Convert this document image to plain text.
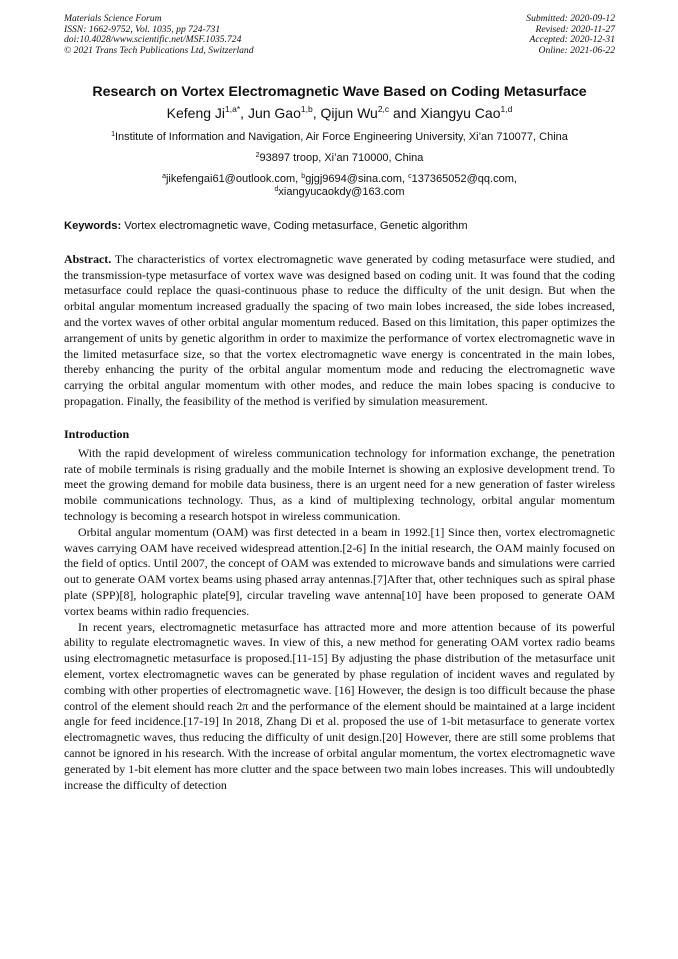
Materials Science Forum
ISSN: 1662-9752, Vol. 1035, pp 724-731
doi:10.4028/www.scientific.net/MSF.1035.724
© 2021 Trans Tech Publications Ltd, Switzerland
Submitted: 2020-09-12
Revised: 2020-11-27
Accepted: 2020-12-31
Online: 2021-06-22
Research on Vortex Electromagnetic Wave Based on Coding Metasurface
Kefeng $Ji^{1,a*}$, Jun Gao$^{1,b}$, Qijun Wu$^{2,c}$ and Xiangyu Cao$^{1,d}$
$^1$Institute of Information and Navigation, Air Force Engineering University, Xi’an 710077, China
$^2$93897 troop, Xi’an 710000, China
$^a$jikefengai61@outlook.com, $^b$gjgj9694@sina.com, $^c$137365052@qq.com,
$^d$xiangyucaokdy@163.com
Keywords: Vortex electromagnetic wave, Coding metasurface, Genetic algorithm
Abstract. The characteristics of vortex electromagnetic wave generated by coding metasurface were studied, and the transmission-type metasurface of vortex wave was designed based on coding unit. It was found that the coding metasurface could replace the quasi-continuous phase to reduce the difficulty of the unit design. But when the orbital angular momentum increased gradually the spacing of two main lobes increased, the side lobes increased, and the vortex waves of other orbital angular momentum reduced. Based on this limitation, this paper optimizes the arrangement of units by genetic algorithm in order to maximize the performance of vortex electromagnetic wave in the limited metasurface size, so that the vortex electromagnetic wave energy is concentrated in the main lobes, thereby enhancing the purity of the orbital angular momentum mode and reducing the electromagnetic wave carrying the orbital angular momentum with other modes, and reduce the main lobes spacing is conducive to propagation. Finally, the feasibility of the method is verified by simulation measurement.
Introduction

With the rapid development of wireless communication technology for information exchange, the penetration rate of mobile terminals is rising gradually and the mobile Internet is showing an explosive development trend. To meet the growing demand for mobile data business, there is an urgent need for a new generation of faster wireless mobile communications technology. Thus, as a kind of multiplexing technology, orbital angular momentum technology is becoming a research hotspot in wireless communication.

Orbital angular momentum (OAM) was first detected in a beam in 1992.[1] Since then, vortex electromagnetic waves carrying OAM have received widespread attention.[2-6] In the initial research, the OAM mainly focused on the field of optics. Until 2007, the concept of OAM was extended to microwave bands and simulations were carried out to generate OAM vortex beams using phased array antennas.[7]After that, other techniques such as spiral phase plate (SPP)[8], holographic plate[9], circular traveling wave antenna[10] have been proposed to generate OAM vortex beams within radio frequencies.

In recent years, electromagnetic metasurface has attracted more and more attention because of its powerful ability to regulate electromagnetic waves. In view of this, a new method for generating OAM vortex radio beams using electromagnetic metasurface is proposed.[11-15] By adjusting the phase distribution of the metasurface unit element, vortex electromagnetic waves can be generated by phase regulation of incident waves and regulated by combing with other properties of electromagnetic wave. [16] However, the design is too difficult because the phase control of the element should reach 2π and the performance of the element should be maintained at a large incident angle for feed incidence.[17-19] In 2018, Zhang Di et al. proposed the use of 1-bit metasurface to generate vortex electromagnetic waves, thus reducing the difficulty of unit design.[20] However, there are still some problems that cannot be ignored in his research. With the increase of orbital angular momentum, the vortex electromagnetic wave generated by 1-bit element has more clutter and the space between two main lobes increases. This will undoubtedly increase the difficulty of detection
